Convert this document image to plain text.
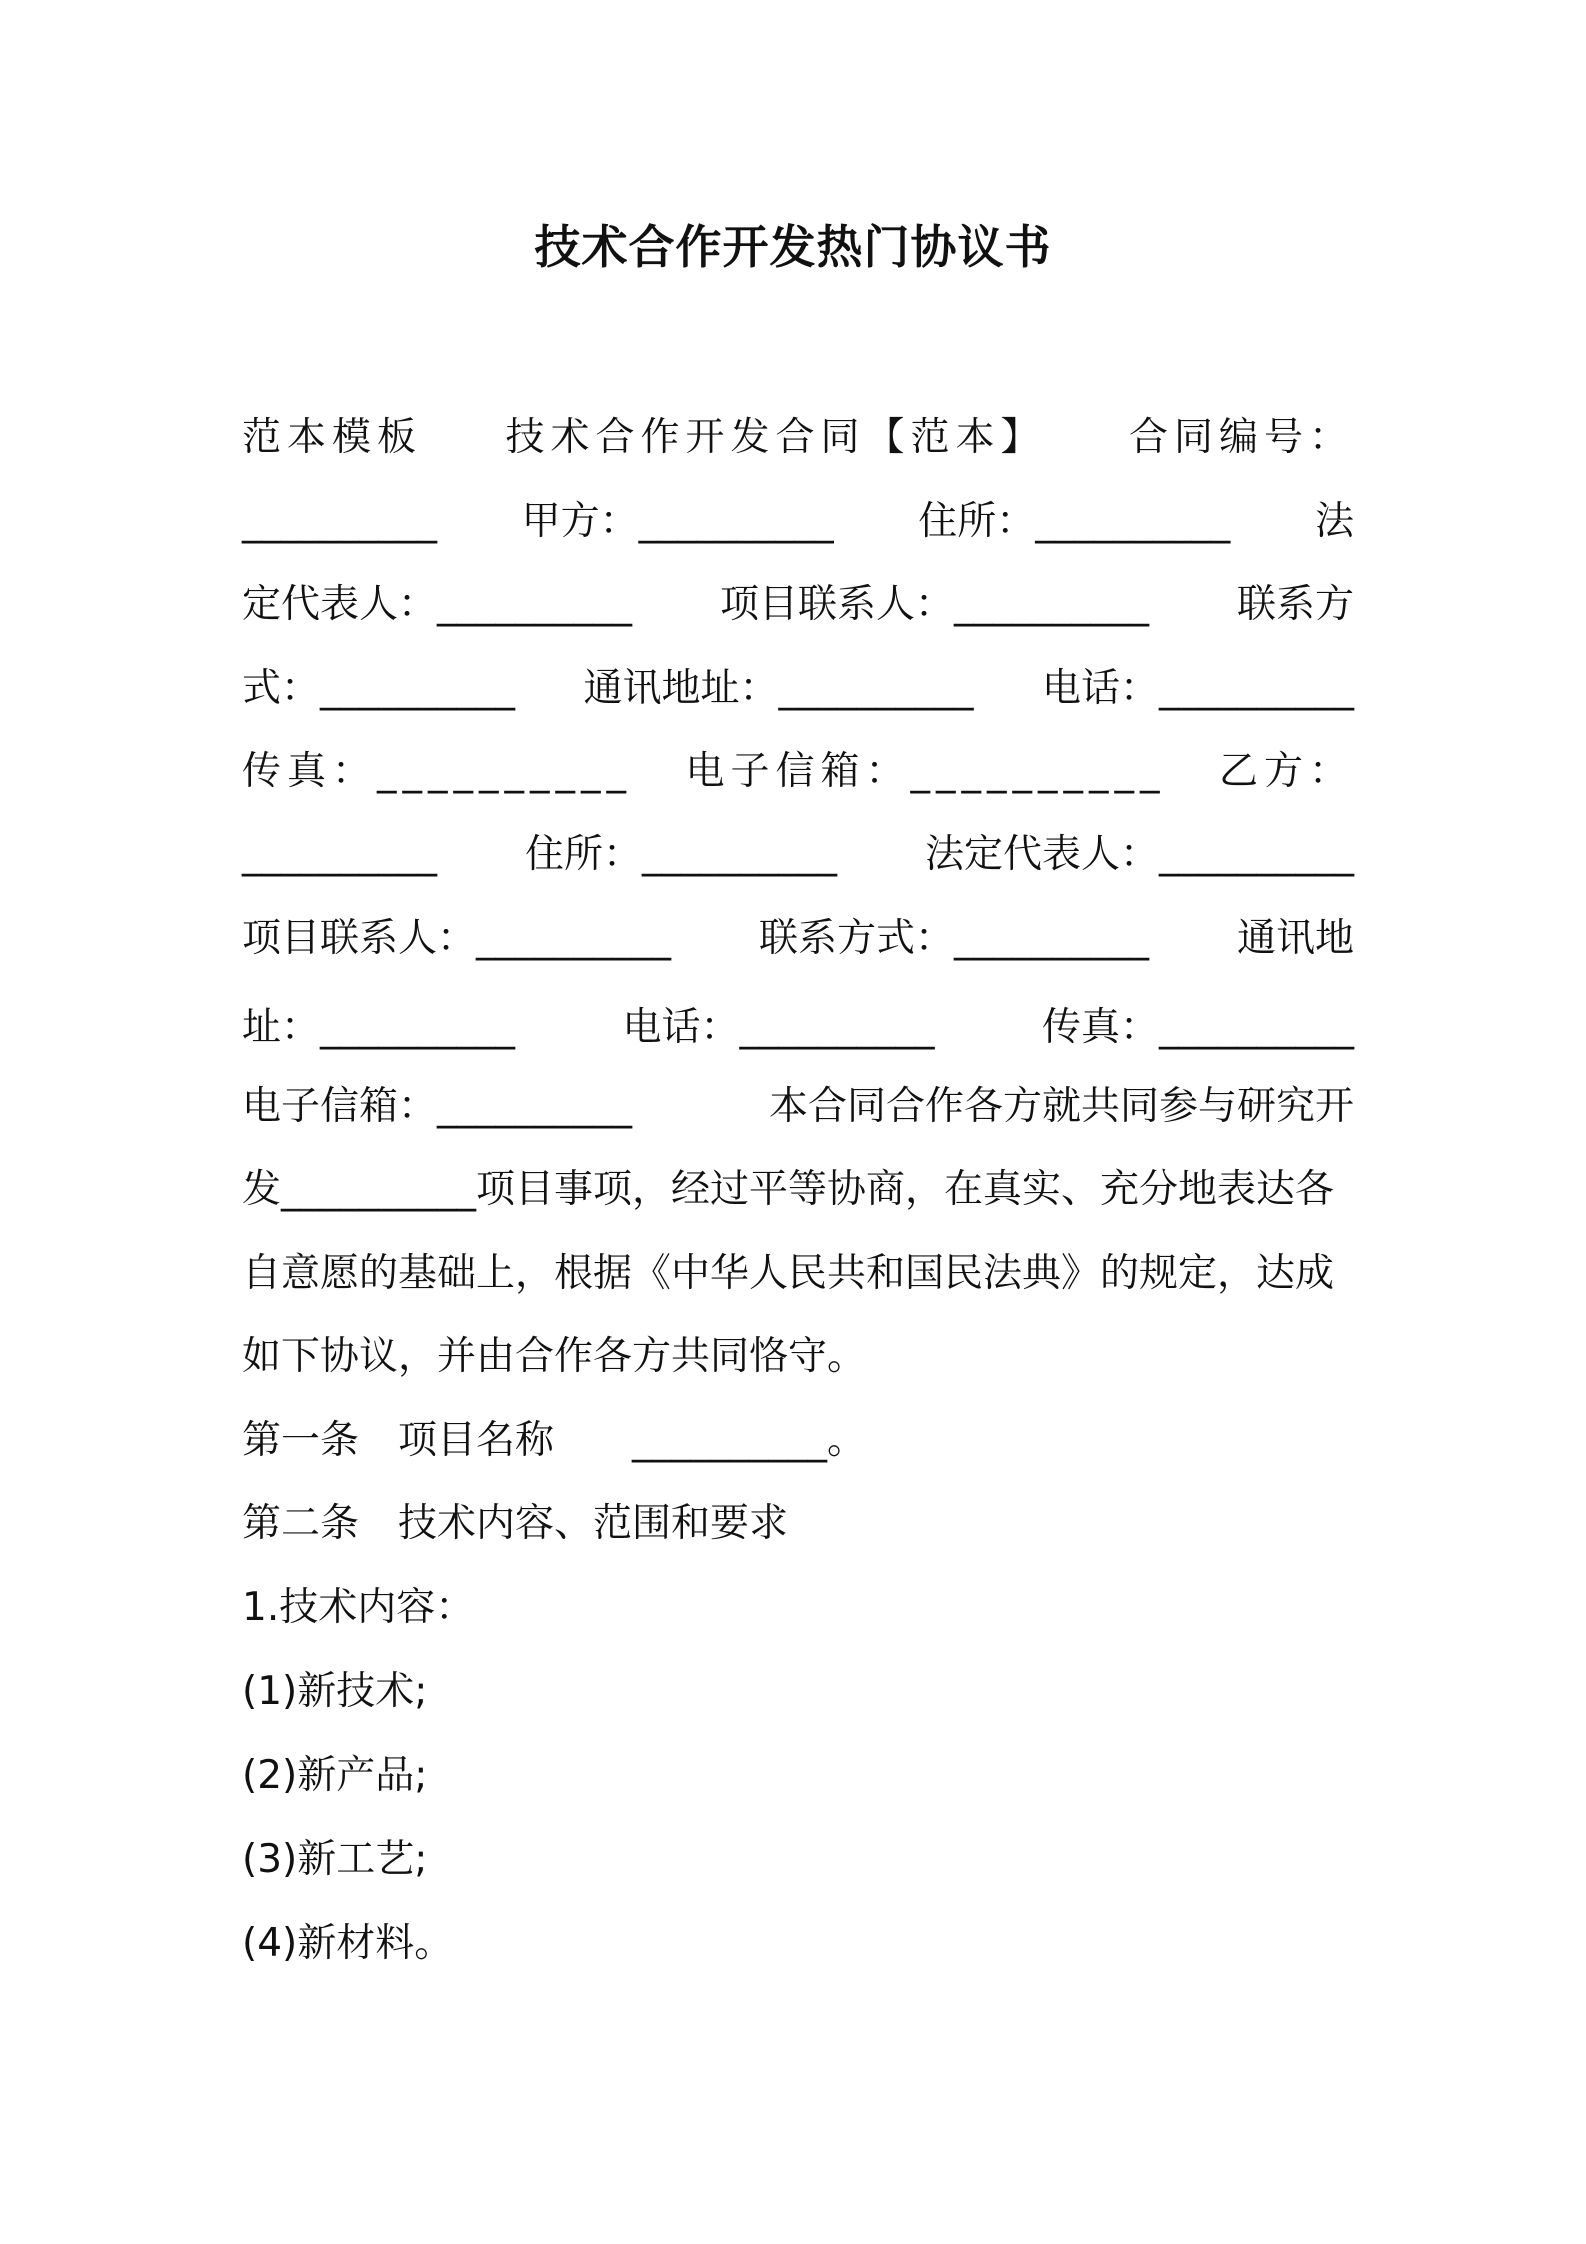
技术合作开发热门协议书
范本模板 技术合作开发合同【范本】 合同编号：
__________ 甲方：__________ 住所：__________ 法
定代表人：__________ 项目联系人：__________ 联系方
式：__________ 通讯地址：__________ 电话：__________
传真：__________ 电子信箱：__________ 乙方：
__________ 住所：__________ 法定代表人：__________
项目联系人：__________ 联系方式：__________ 通讯地
址：__________	电话：__________	传真：__________
电子信箱：__________	本合同合作各方就共同参与研究开
发__________项目事项，经过平等协商，在真实、充分地表达各
自意愿的基础上，根据《中华人民共和国民法典》的规定，达成
如下协议，并由合作各方共同恪守。
第一条　项目名称　　__________。
第二条　技术内容、范围和要求
1.技术内容：
(1)新技术;
(2)新产品;
(3)新工艺;
(4)新材料。
